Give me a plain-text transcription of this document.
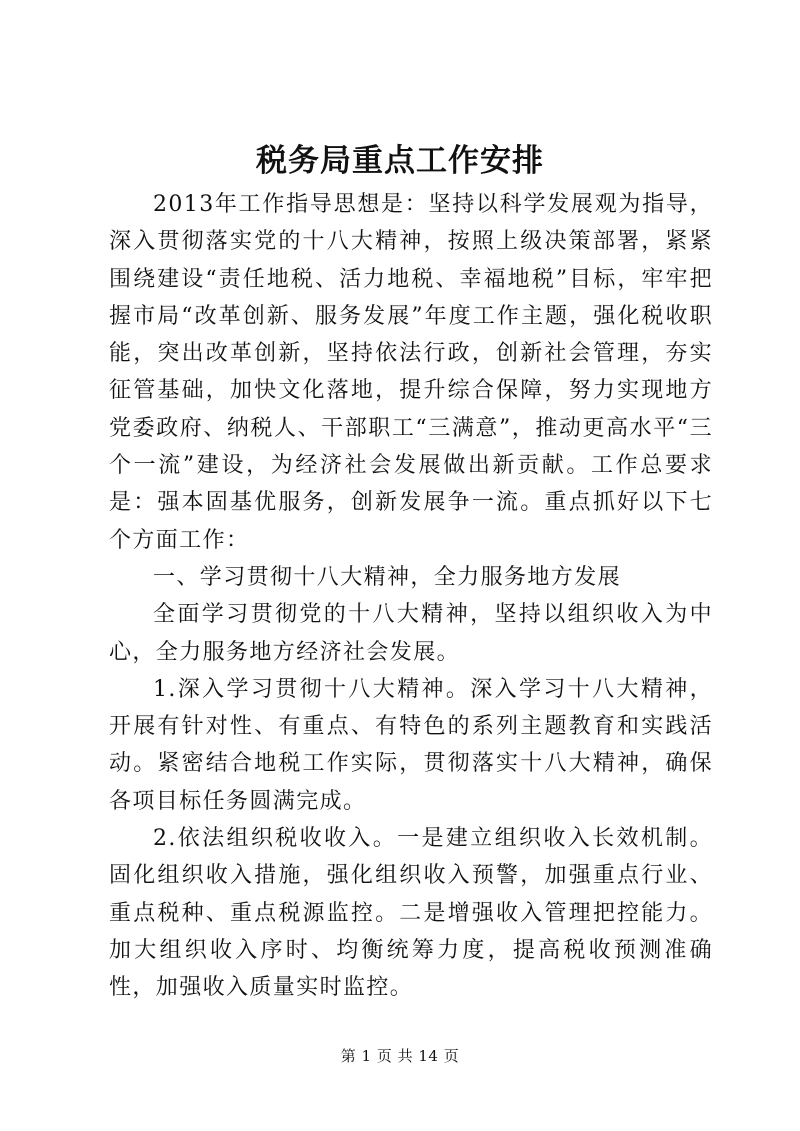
税务局重点工作安排

2013年工作指导思想是：坚持以科学发展观为指导，深入贯彻落实党的十八大精神，按照上级决策部署，紧紧围绕建设“责任地税、活力地税、幸福地税”目标，牢牢把握市局“改革创新、服务发展”年度工作主题，强化税收职能，突出改革创新，坚持依法行政，创新社会管理，夯实征管基础，加快文化落地，提升综合保障，努力实现地方党委政府、纳税人、干部职工“三满意”，推动更高水平“三个一流”建设，为经济社会发展做出新贡献。工作总要求是：强本固基优服务，创新发展争一流。重点抓好以下七个方面工作：

一、学习贯彻十八大精神，全力服务地方发展

全面学习贯彻党的十八大精神，坚持以组织收入为中心，全力服务地方经济社会发展。

1.深入学习贯彻十八大精神。深入学习十八大精神，开展有针对性、有重点、有特色的系列主题教育和实践活动。紧密结合地税工作实际，贯彻落实十八大精神，确保各项目标任务圆满完成。

2.依法组织税收收入。一是建立组织收入长效机制。固化组织收入措施，强化组织收入预警，加强重点行业、重点税种、重点税源监控。二是增强收入管理把控能力。加大组织收入序时、均衡统筹力度，提高税收预测准确性，加强收入质量实时监控。

第 1 页 共 14 页
